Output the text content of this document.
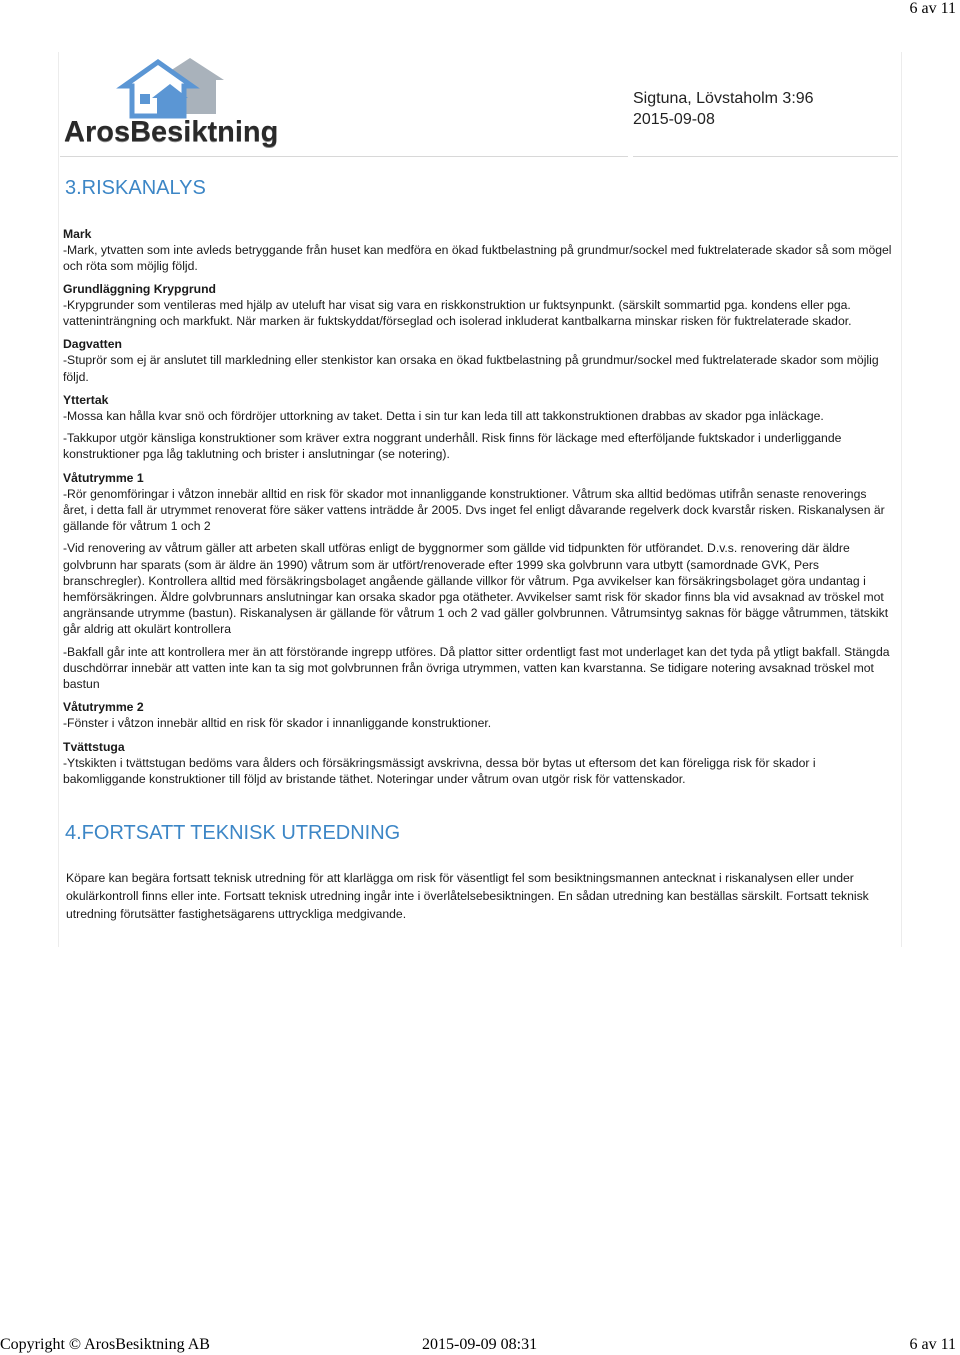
6 av 11
ArosBesiktning
Sigtuna, Lövstaholm 3:96
2015-09-08
3.RISKANALYS

Mark

-Mark, ytvatten som inte avleds betryggande från huset kan medföra en ökad fuktbelastning på grundmur/sockel med fuktrelaterade skador så som mögel och röta som möjlig följd.

Grundläggning Krypgrund

-Krypgrunder som ventileras med hjälp av uteluft har visat sig vara en riskkonstruktion ur fuktsynpunkt. (särskilt sommartid pga. kondens eller pga. vatteninträngning och markfukt. När marken är fuktskyddat/förseglad och isolerad inkluderat kantbalkarna minskar risken för fuktrelaterade skador.

Dagvatten

-Stuprör som ej är anslutet till markledning eller stenkistor kan orsaka en ökad fuktbelastning på grundmur/sockel med fuktrelaterade skador som möjlig följd.

Yttertak

-Mossa kan hålla kvar snö och fördröjer uttorkning av taket. Detta i sin tur kan leda till att takkonstruktionen drabbas av skador pga inläckage.

-Takkupor utgör känsliga konstruktioner som kräver extra noggrant underhåll. Risk finns för läckage med efterföljande fuktskador i underliggande konstruktioner pga låg taklutning och brister i anslutningar (se notering).

Våtutrymme 1

-Rör genomföringar i våtzon innebär alltid en risk för skador mot innanliggande konstruktioner. Våtrum ska alltid bedömas utifrån senaste renoverings året, i detta fall är utrymmet renoverat före säker vattens inträdde år 2005. Dvs inget fel enligt dåvarande regelverk dock kvarstår risken. Riskanalysen är gällande för våtrum 1 och 2

-Vid renovering av våtrum gäller att arbeten skall utföras enligt de byggnormer som gällde vid tidpunkten för utförandet. D.v.s. renovering där äldre golvbrunn har sparats (som är äldre än 1990) våtrum som är utfört/renoverade efter 1999 ska golvbrunn vara utbytt (samordnade GVK, Pers branschregler). Kontrollera alltid med försäkringsbolaget angående gällande villkor för våtrum. Pga avvikelser kan försäkringsbolaget göra undantag i hemförsäkringen. Äldre golvbrunnars anslutningar kan orsaka skador pga otätheter. Avvikelser samt risk för skador finns bla vid avsaknad av tröskel mot angränsande utrymme (bastun). Riskanalysen är gällande för våtrum 1 och 2 vad gäller golvbrunnen. Våtrumsintyg saknas för bägge våtrummen, tätskikt går aldrig att okulärt kontrollera

-Bakfall går inte att kontrollera mer än att förstörande ingrepp utföres. Då plattor sitter ordentligt fast mot underlaget kan det tyda på ytligt bakfall. Stängda duschdörrar innebär att vatten inte kan ta sig mot golvbrunnen från övriga utrymmen, vatten kan kvarstanna. Se tidigare notering avsaknad tröskel mot bastun

Våtutrymme 2

-Fönster i våtzon innebär alltid en risk för skador i innanliggande konstruktioner.

Tvättstuga

-Ytskikten i tvättstugan bedöms vara ålders och försäkringsmässigt avskrivna, dessa bör bytas ut eftersom det kan föreligga risk för skador i bakomliggande konstruktioner till följd av bristande täthet. Noteringar under våtrum ovan utgör risk för vattenskador.

4.FORTSATT TEKNISK UTREDNING

Köpare kan begära fortsatt teknisk utredning för att klarlägga om risk för väsentligt fel som besiktningsmannen antecknat i riskanalysen eller under okulärkontroll finns eller inte. Fortsatt teknisk utredning ingår inte i överlåtelsebesiktningen. En sådan utredning kan beställas särskilt. Fortsatt teknisk utredning förutsätter fastighetsägarens uttryckliga medgivande.

Copyright © ArosBesiktning AB	2015-09-09 08:31	6 av 11
